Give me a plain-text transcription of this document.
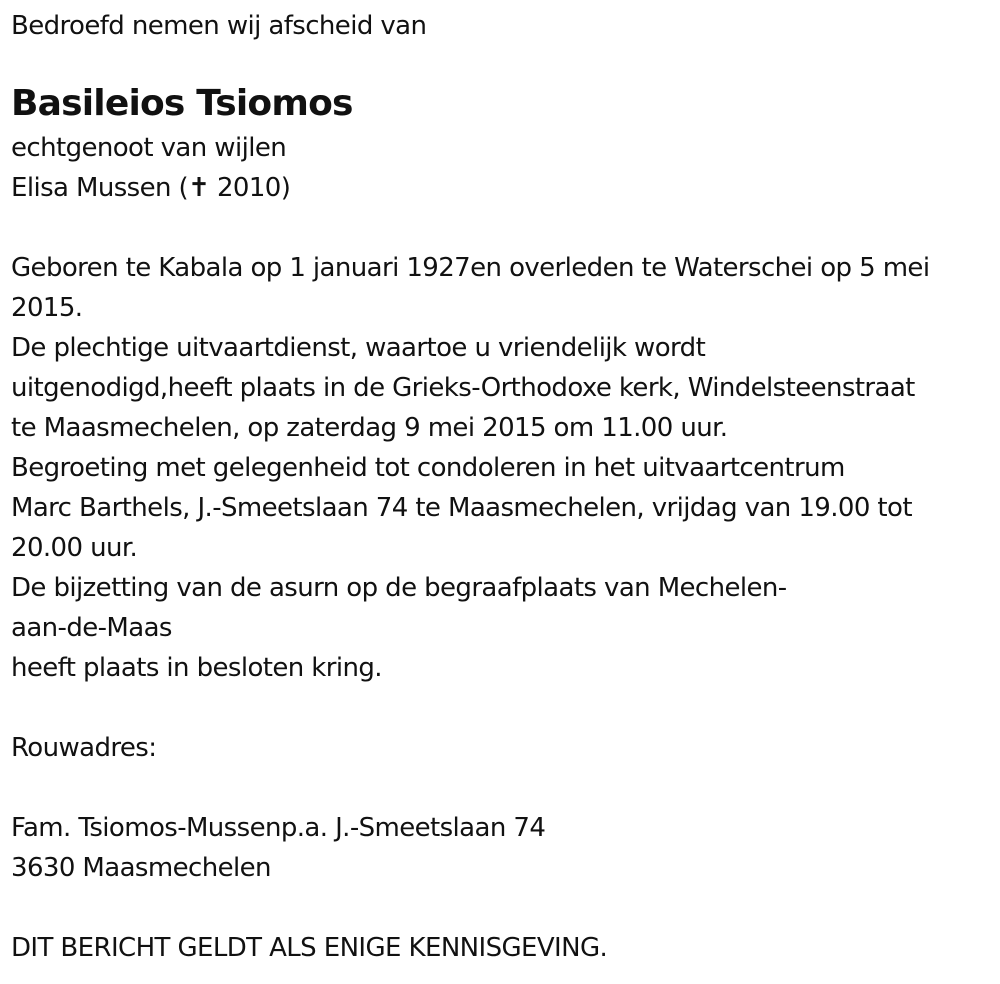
Bedroefd nemen wij afscheid van
Basileios Tsiomos
echtgenoot van wijlen
Elisa Mussen (✝ 2010)
Geboren te Kabala op 1 januari 1927en overleden te Waterschei op 5 mei
2015.
De plechtige uitvaartdienst, waartoe u vriendelijk wordt
uitgenodigd,heeft plaats in de Grieks-Orthodoxe kerk, Windelsteenstraat
te Maasmechelen, op zaterdag 9 mei 2015 om 11.00 uur.
Begroeting met gelegenheid tot condoleren in het uitvaartcentrum
Marc Barthels, J.-Smeetslaan 74 te Maasmechelen, vrijdag van 19.00 tot
20.00 uur.
De bijzetting van de asurn op de begraafplaats van Mechelen-
aan-de-Maas
heeft plaats in besloten kring.
Rouwadres:
Fam. Tsiomos-Mussenp.a. J.-Smeetslaan 74
3630 Maasmechelen
DIT BERICHT GELDT ALS ENIGE KENNISGEVING.
